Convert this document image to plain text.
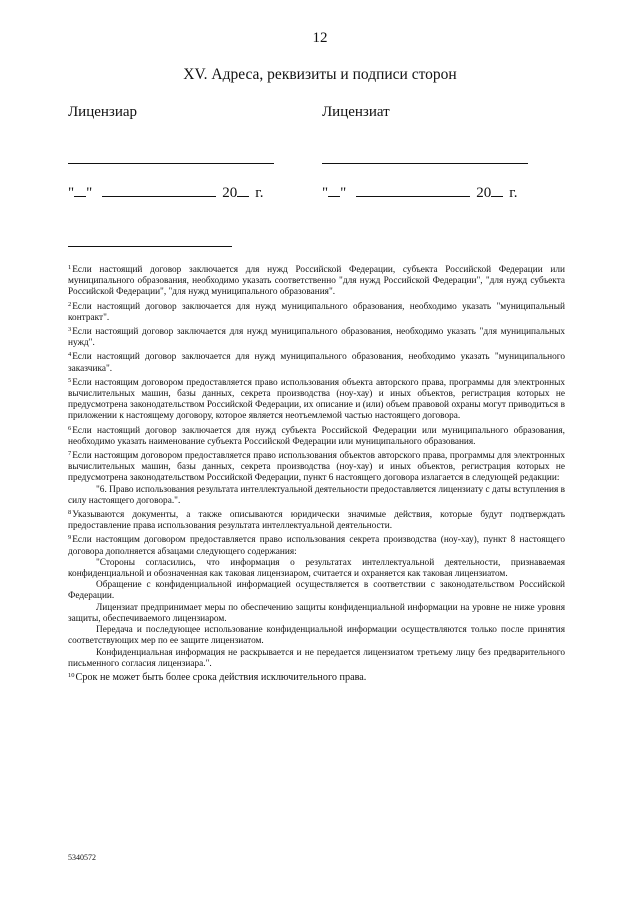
12
XV. Адреса, реквизиты и подписи сторон
Лицензиар
" "	20 г.
Лицензиат
" "	20 г.

$^1$Если настоящий договор заключается для нужд Российской Федерации, субъекта Российской Федерации или муниципального образования, необходимо указать соответственно "для нужд Российской Федерации", "для нужд субъекта Российской Федерации", "для нужд муниципального образования".

$^2$Если настоящий договор заключается для нужд муниципального образования, необходимо указать "муниципальный контракт".

$^3$Если настоящий договор заключается для нужд муниципального образования, необходимо указать "для муниципальных нужд".

$^4$Если настоящий договор заключается для нужд муниципального образования, необходимо указать "муниципального заказчика".

$^5$Если настоящим договором предоставляется право использования объекта авторского права, программы для электронных вычислительных машин, базы данных, секрета производства (ноу-хау) и иных объектов, регистрация которых не предусмотрена законодательством Российской Федерации, их описание и (или) объем правовой охраны могут приводиться в приложении к настоящему договору, которое является неотъемлемой частью настоящего договора.

$^6$Если настоящий договор заключается для нужд субъекта Российской Федерации или муниципального образования, необходимо указать наименование субъекта Российской Федерации или муниципального образования.

$^7$Если настоящим договором предоставляется право использования объектов авторского права, программы для электронных вычислительных машин, базы данных, секрета производства (ноу-хау) и иных объектов, регистрация которых не предусмотрена законодательством Российской Федерации, пункт 6 настоящего договора излагается в следующей редакции:

"6. Право использования результата интеллектуальной деятельности предоставляется лицензиату с даты вступления в силу настоящего договора.".

$^8$Указываются документы, а также описываются юридически значимые действия, которые будут подтверждать предоставление права использования результата интеллектуальной деятельности.

$^9$Если настоящим договором предоставляется право использования секрета производства (ноу-хау), пункт 8 настоящего договора дополняется абзацами следующего содержания:

"Стороны согласились, что информация о результатах интеллектуальной деятельности, признаваемая конфиденциальной и обозначенная как таковая лицензиаром, считается и охраняется как таковая лицензиатом.

Обращение с конфиденциальной информацией осуществляется в соответствии с законодательством Российской Федерации.

Лицензиат предпринимает меры по обеспечению защиты конфиденциальной информации на уровне не ниже уровня защиты, обеспечиваемого лицензиаром.

Передача и последующее использование конфиденциальной информации осуществляются только после принятия соответствующих мер по ее защите лицензиатом.

Конфиденциальная информация не раскрывается и не передается лицензиатом третьему лицу без предварительного письменного согласия лицензиара.".

$^{10}$Срок не может быть более срока действия исключительного права.

5340572
